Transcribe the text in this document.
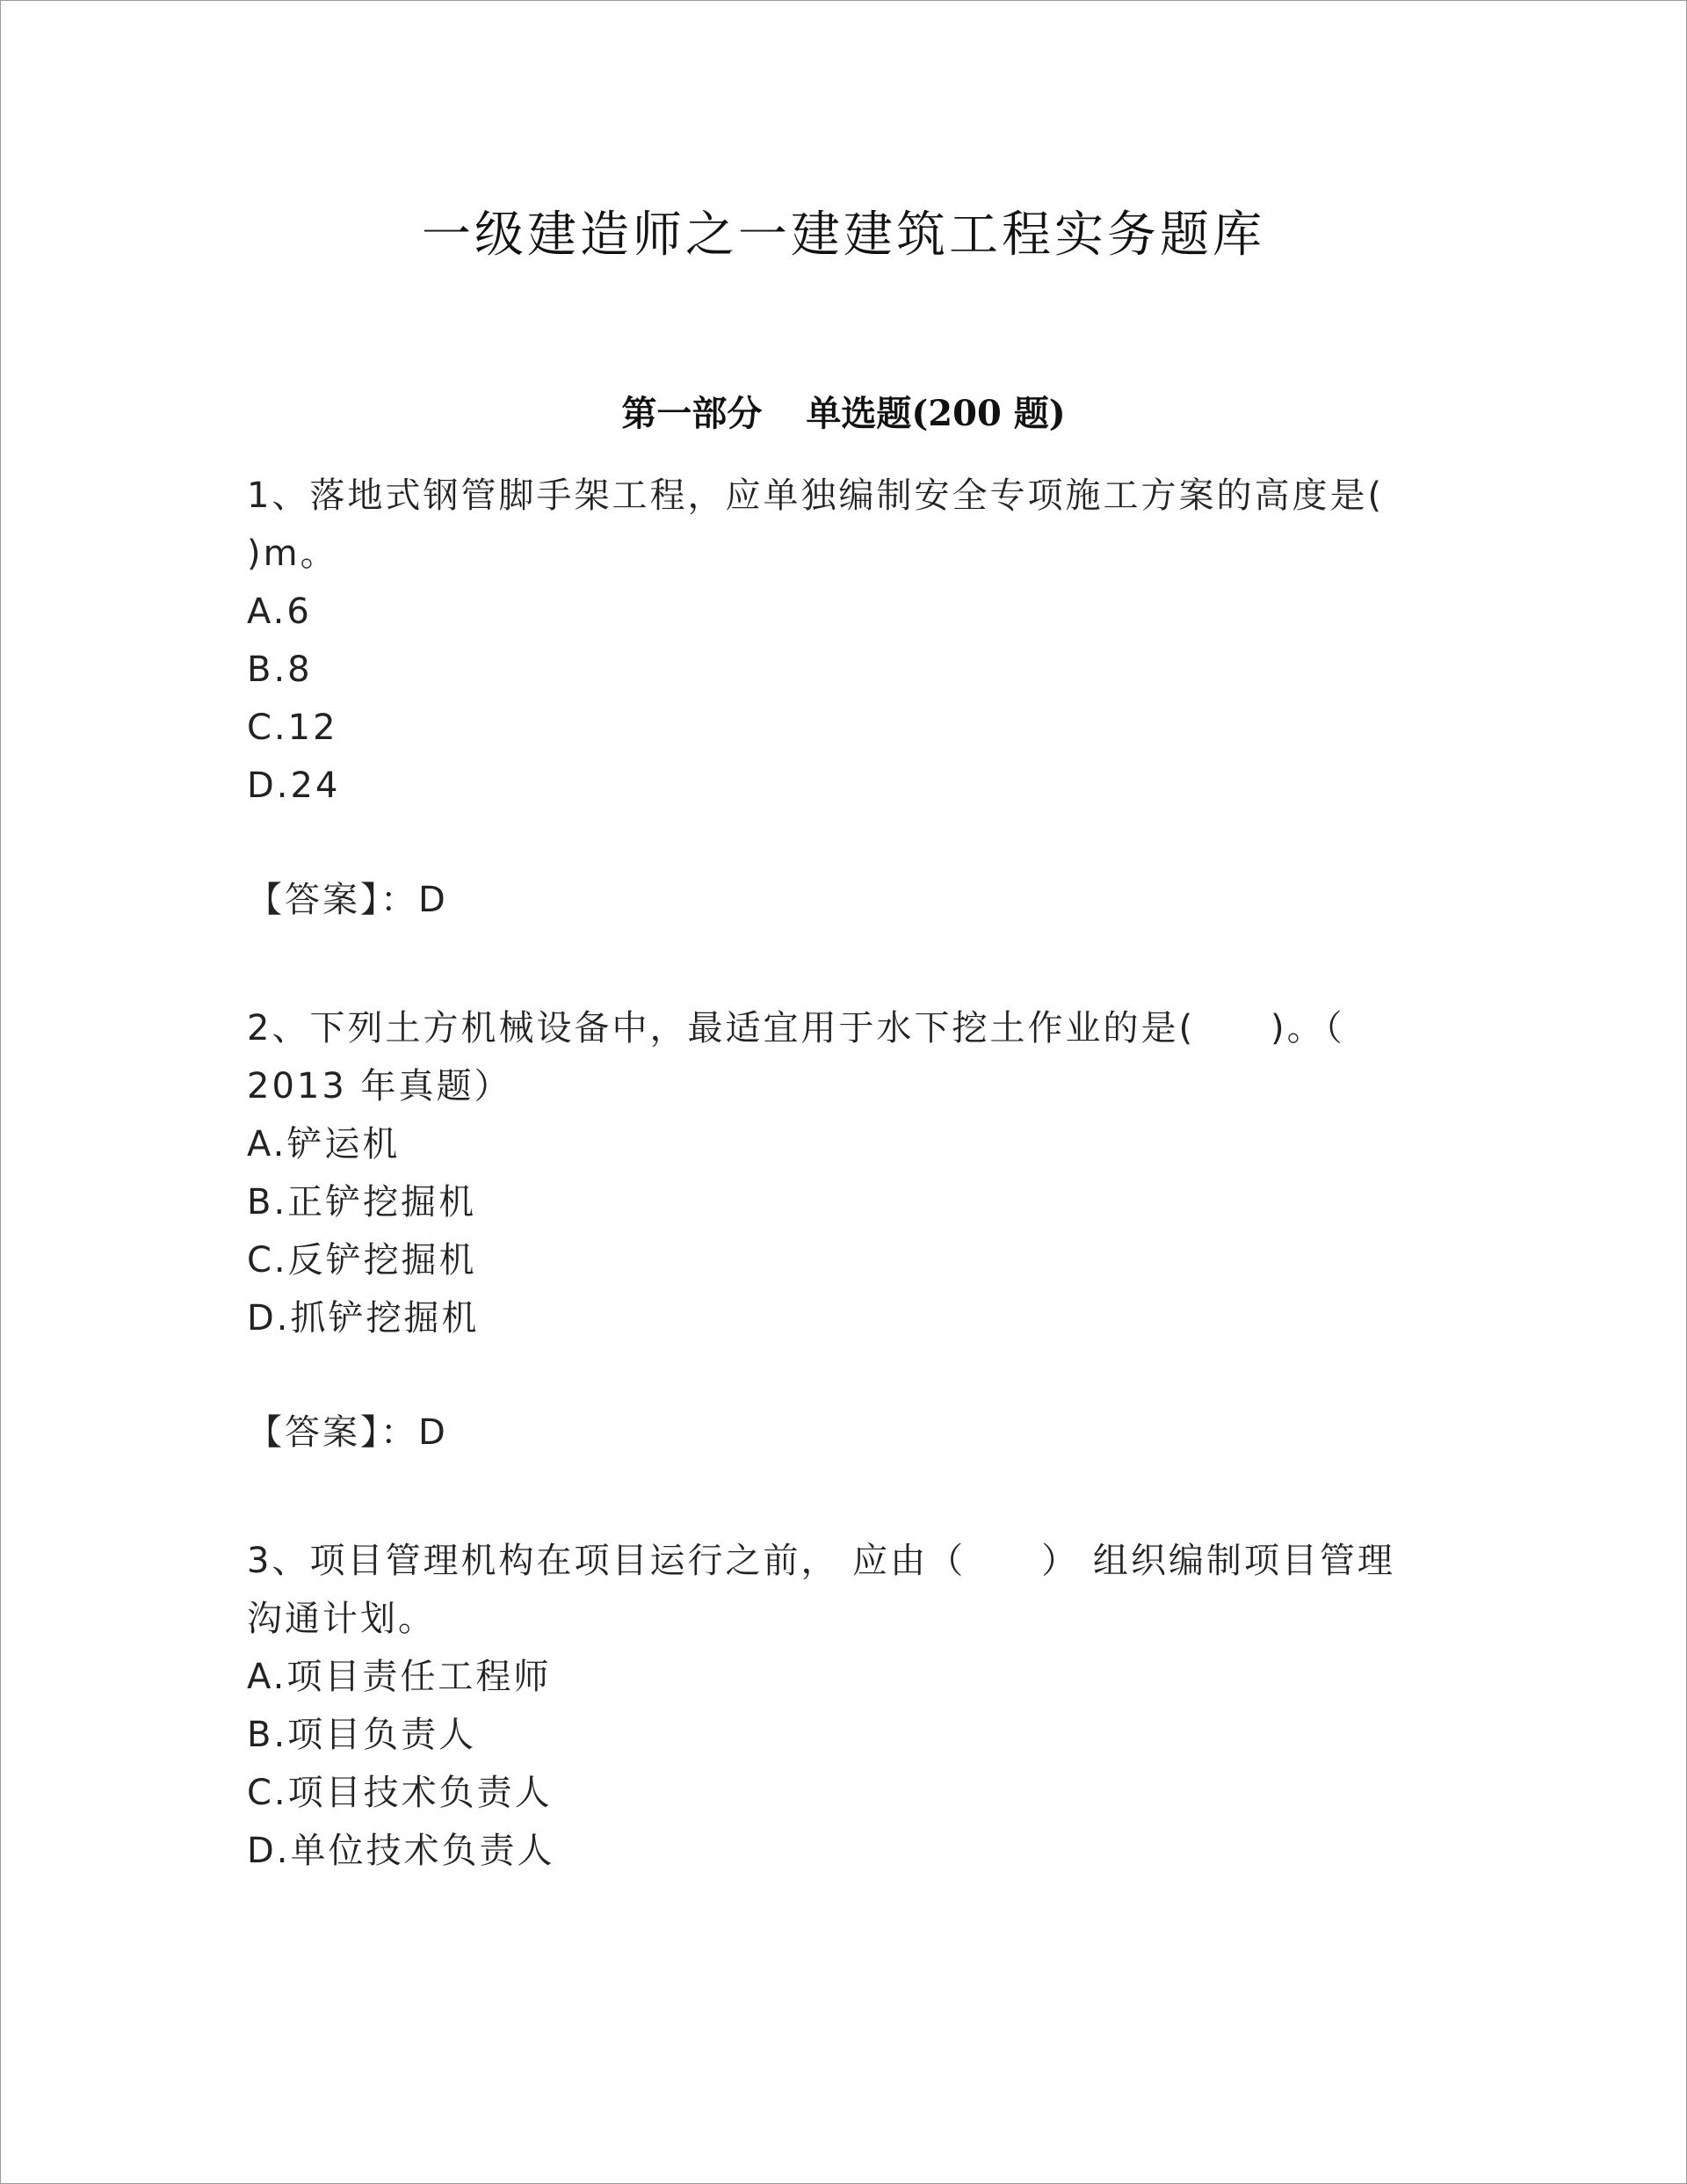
一级建造师之一建建筑工程实务题库
第一部分 单选题(200 题)
1、落地式钢管脚手架工程，应单独编制安全专项施工方案的高度是(
)m。
A.6
B.8
C.12
D.24
【答案】：D
2、下列土方机械设备中，最适宜用于水下挖土作业的是(　　)。（
2013 年真题）
A.铲运机
B.正铲挖掘机
C.反铲挖掘机
D.抓铲挖掘机
【答案】：D
3、项目管理机构在项目运行之前， 应由（　　） 组织编制项目管理
沟通计划。
A.项目责任工程师
B.项目负责人
C.项目技术负责人
D.单位技术负责人
